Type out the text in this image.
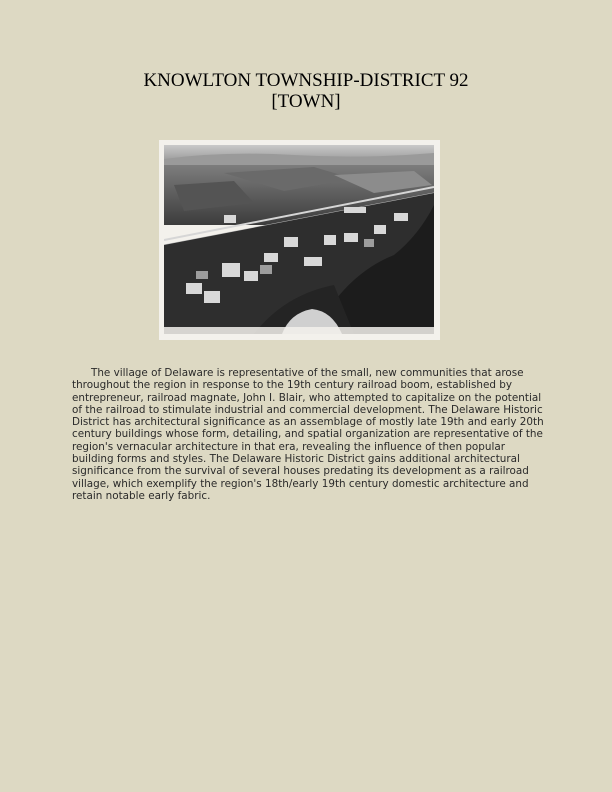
KNOWLTON TOWNSHIP-DISTRICT 92
[TOWN]

The village of Delaware is representative of the small, new communities that arose throughout the region in response to the 19th century railroad boom, established by entrepreneur, railroad magnate, John I. Blair, who attempted to capitalize on the potential of the railroad to stimulate industrial and commercial development. The Delaware Historic District has architectural significance as an assemblage of mostly late 19th and early 20th century buildings whose form, detailing, and spatial organization are representative of the region's vernacular architecture in that era, revealing the influence of then popular building forms and styles. The Delaware Historic District gains additional architectural significance from the survival of several houses predating its development as a railroad village, which exemplify the region's 18th/early 19th century domestic architecture and retain notable early fabric.
